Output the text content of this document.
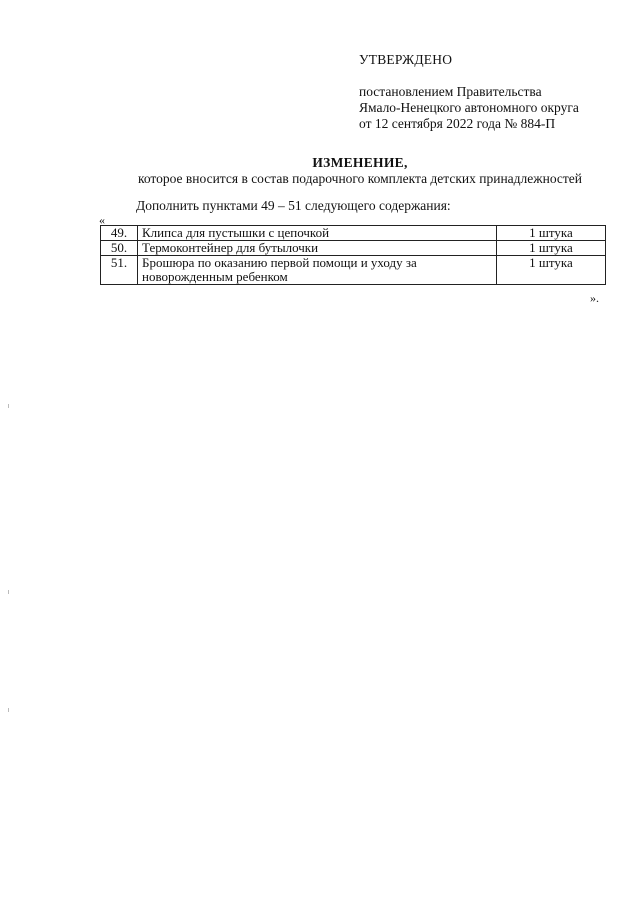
УТВЕРЖДЕНО
постановлением Правительства
Ямало-Ненецкого автономного округа
от 12 сентября 2022 года № 884-П
ИЗМЕНЕНИЕ,
которое вносится в состав подарочного комплекта детских принадлежностей
Дополнить пунктами 49 – 51 следующего содержания:
«
49.	Клипса для пустышки с цепочкой	1 штука
50.	Термоконтейнер для бутылочки	1 штука
51.	Брошюра по оказанию первой помощи и уходу за новорожденным ребенком	1 штука
».
